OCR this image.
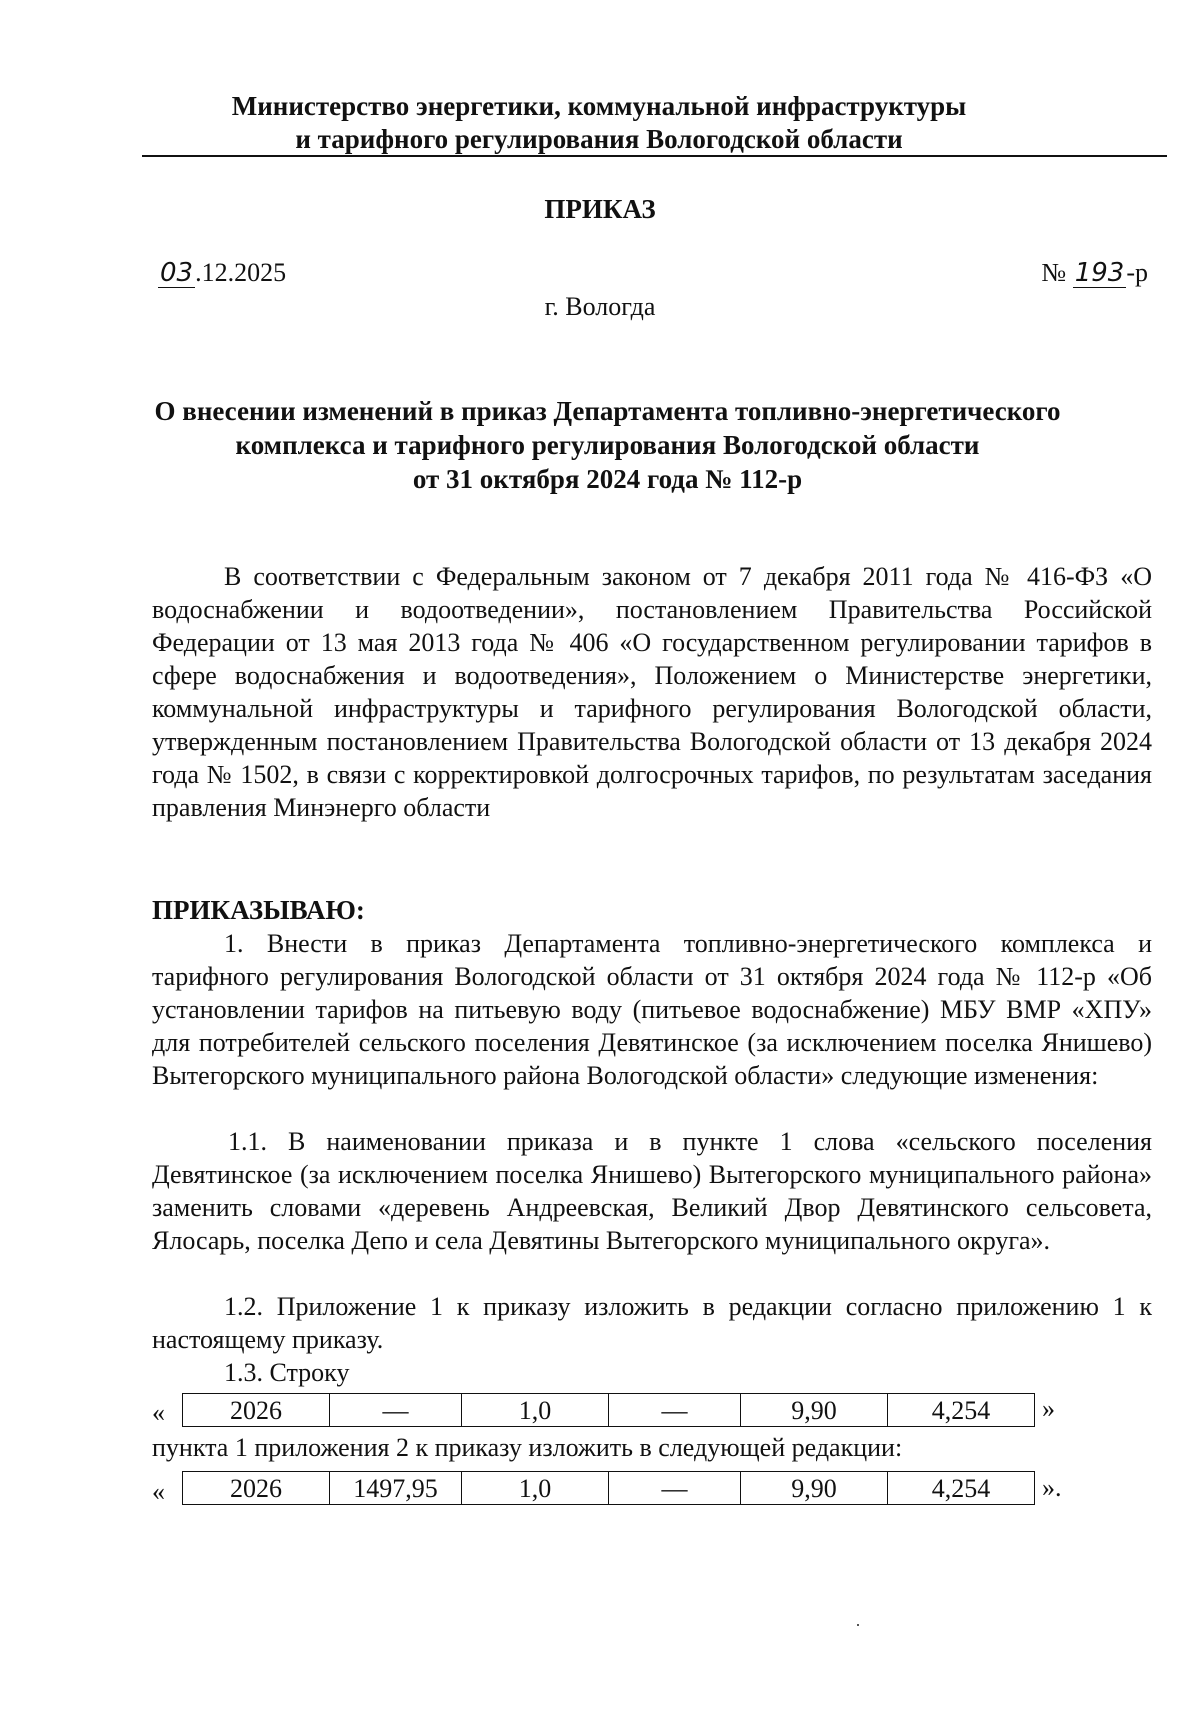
Министерство энергетики, коммунальной инфраструктуры
и тарифного регулирования Вологодской области
ПРИКАЗ
03.12.2025	№ 193-р
г. Вологда
О внесении изменений в приказ Департамента топливно-энергетического
комплекса и тарифного регулирования Вологодской области
от 31 октября 2024 года № 112-р
В соответствии с Федеральным законом от 7 декабря 2011 года № 416-ФЗ «О водоснабжении и водоотведении», постановлением Правительства Российской Федерации от 13 мая 2013 года № 406 «О государственном регулировании тарифов в сфере водоснабжения и водоотведения», Положением о Министерстве энергетики, коммунальной инфраструктуры и тарифного регулирования Вологодской области, утвержденным постановлением Правительства Вологодской области от 13 декабря 2024 года № 1502, в связи с корректировкой долгосрочных тарифов, по результатам заседания правления Минэнерго области
ПРИКАЗЫВАЮ:
1. Внести в приказ Департамента топливно-энергетического комплекса и тарифного регулирования Вологодской области от 31 октября 2024 года № 112-р «Об установлении тарифов на питьевую воду (питьевое водоснабжение) МБУ ВМР «ХПУ» для потребителей сельского поселения Девятинское (за исключением поселка Янишево) Вытегорского муниципального района Вологодской области» следующие изменения:
1.1. В наименовании приказа и в пункте 1 слова «сельского поселения Девятинское (за исключением поселка Янишево) Вытегорского муниципального района» заменить словами «деревень Андреевская, Великий Двор Девятинского сельсовета, Ялосарь, поселка Депо и села Девятины Вытегорского муниципального округа».
1.2. Приложение 1 к приказу изложить в редакции согласно приложению 1 к настоящему приказу.
1.3. Строку
«	2026	—	1,0	—	9,90	4,254 »
пункта 1 приложения 2 к приказу изложить в следующей редакции:
«	2026	1497,95	1,0	—	9,90	4,254 ».
